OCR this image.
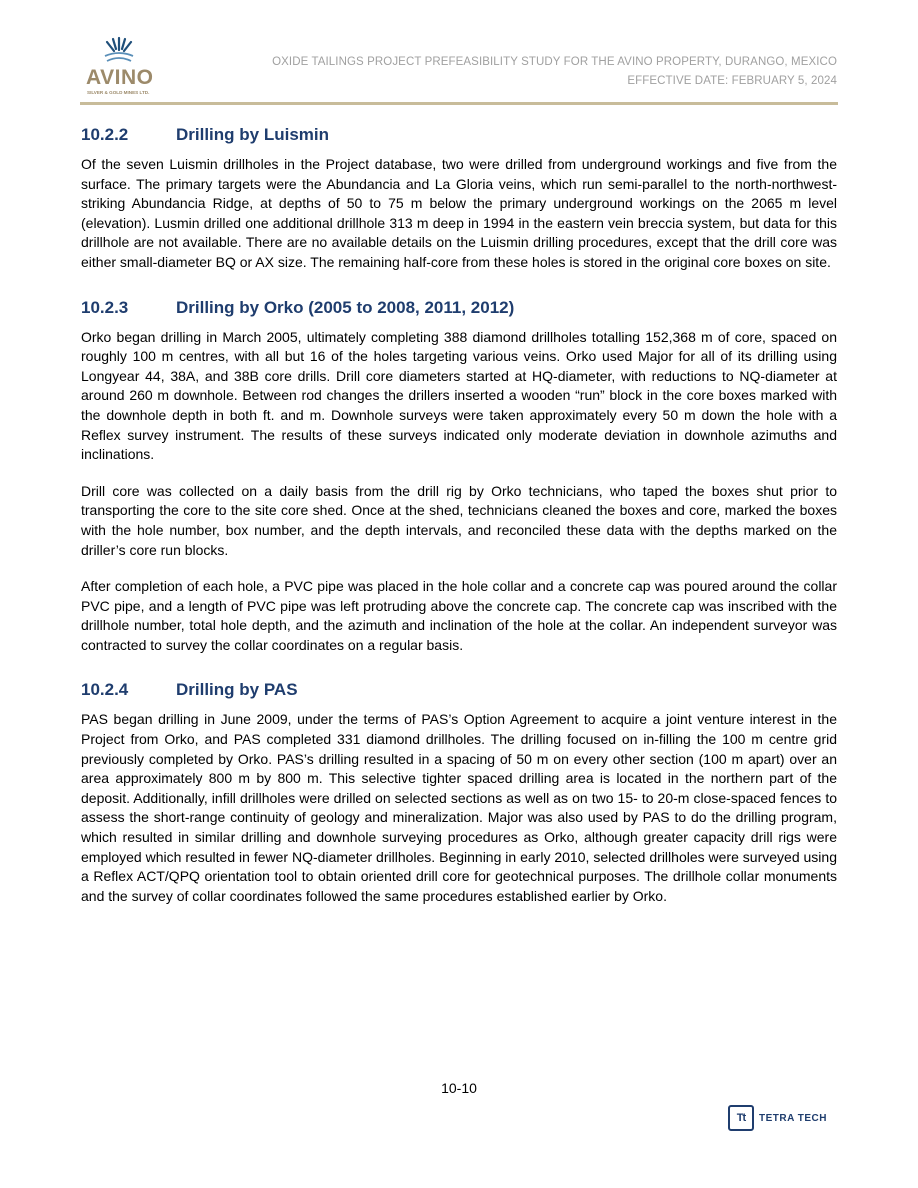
AVINO
SILVER & GOLD MINES LTD.
OXIDE TAILINGS PROJECT PREFEASIBILITY STUDY FOR THE AVINO PROPERTY, DURANGO, MEXICO
EFFECTIVE DATE: FEBRUARY 5, 2024
10.2.2	Drilling by Luismin

Of the seven Luismin drillholes in the Project database, two were drilled from underground workings and five from the surface. The primary targets were the Abundancia and La Gloria veins, which run semi-parallel to the north-northwest-striking Abundancia Ridge, at depths of 50 to 75 m below the primary underground workings on the 2065 m level (elevation). Lusmin drilled one additional drillhole 313 m deep in 1994 in the eastern vein breccia system, but data for this drillhole are not available. There are no available details on the Luismin drilling procedures, except that the drill core was either small-diameter BQ or AX size. The remaining half-core from these holes is stored in the original core boxes on site.

10.2.3	Drilling by Orko (2005 to 2008, 2011, 2012)

Orko began drilling in March 2005, ultimately completing 388 diamond drillholes totalling 152,368 m of core, spaced on roughly 100 m centres, with all but 16 of the holes targeting various veins. Orko used Major for all of its drilling using Longyear 44, 38A, and 38B core drills. Drill core diameters started at HQ-diameter, with reductions to NQ-diameter at around 260 m downhole. Between rod changes the drillers inserted a wooden “run” block in the core boxes marked with the downhole depth in both ft. and m. Downhole surveys were taken approximately every 50 m down the hole with a Reflex survey instrument. The results of these surveys indicated only moderate deviation in downhole azimuths and inclinations.

Drill core was collected on a daily basis from the drill rig by Orko technicians, who taped the boxes shut prior to transporting the core to the site core shed. Once at the shed, technicians cleaned the boxes and core, marked the boxes with the hole number, box number, and the depth intervals, and reconciled these data with the depths marked on the driller’s core run blocks.

After completion of each hole, a PVC pipe was placed in the hole collar and a concrete cap was poured around the collar PVC pipe, and a length of PVC pipe was left protruding above the concrete cap. The concrete cap was inscribed with the drillhole number, total hole depth, and the azimuth and inclination of the hole at the collar. An independent surveyor was contracted to survey the collar coordinates on a regular basis.

10.2.4	Drilling by PAS

PAS began drilling in June 2009, under the terms of PAS’s Option Agreement to acquire a joint venture interest in the Project from Orko, and PAS completed 331 diamond drillholes. The drilling focused on in-filling the 100 m centre grid previously completed by Orko. PAS’s drilling resulted in a spacing of 50 m on every other section (100 m apart) over an area approximately 800 m by 800 m. This selective tighter spaced drilling area is located in the northern part of the deposit. Additionally, infill drillholes were drilled on selected sections as well as on two 15- to 20-m close-spaced fences to assess the short-range continuity of geology and mineralization. Major was also used by PAS to do the drilling program, which resulted in similar drilling and downhole surveying procedures as Orko, although greater capacity drill rigs were employed which resulted in fewer NQ-diameter drillholes. Beginning in early 2010, selected drillholes were surveyed using a Reflex ACT/QPQ orientation tool to obtain oriented drill core for geotechnical purposes. The drillhole collar monuments and the survey of collar coordinates followed the same procedures established earlier by Orko.

10-10
Tt TETRA TECH
